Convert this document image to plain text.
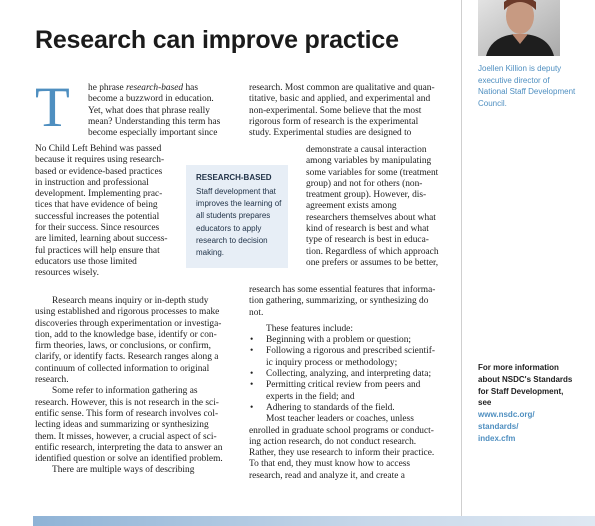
Research can improve practice
Joellen Killion is deputy executive director of National Staff Development Council.
For more information about NSDC's Standards for Staff Development, see
www.nsdc.org/
standards/
index.cfm
T he phrase research-based has
become a buzzword in education.
Yet, what does that phrase really
mean? Understanding this term has
become especially important since
No Child Left Behind was passed
because it requires using research-
based or evidence-based practices
in instruction and professional
development. Implementing prac-
tices that have evidence of being
successful increases the potential
for their success. Since resources
are limited, learning about success-
ful practices will help ensure that
educators use those limited
resources wisely.
Research means inquiry or in-depth study
using established and rigorous processes to make
discoveries through experimentation or investiga-
tion, add to the knowledge base, identify or con-
firm theories, laws, or conclusions, or confirm,
clarify, or identify facts. Research ranges along a
continuum of collected information to original
research.
Some refer to information gathering as
research. However, this is not research in the sci-
entific sense. This form of research involves col-
lecting ideas and summarizing or synthesizing
them. It misses, however, a crucial aspect of sci-
entific research, interpreting the data to answer an
identified question or solve an identified problem.
There are multiple ways of describing
RESEARCH-BASED
Staff development that improves the learning of all students prepares educators to apply research to decision making.
research. Most common are qualitative and quan-
titative, basic and applied, and experimental and
non-experimental. Some believe that the most
rigorous form of research is the experimental
study. Experimental studies are designed to
demonstrate a causal interaction
among variables by manipulating
some variables for some (treatment
group) and not for others (non-
treatment group). However, dis-
agreement exists among
researchers themselves about what
kind of research is best and what
type of research is best in educa-
tion. Regardless of which approach
one prefers or assumes to be better,
research has some essential features that informa-
tion gathering, summarizing, or synthesizing do
not.
These features include:
• Beginning with a problem or question;
• Following a rigorous and prescribed scientif-
ic inquiry process or methodology;
• Collecting, analyzing, and interpreting data;
• Permitting critical review from peers and
experts in the field; and
• Adhering to standards of the field.
Most teacher leaders or coaches, unless
enrolled in graduate school programs or conduct-
ing action research, do not conduct research.
Rather, they use research to inform their practice.
To that end, they must know how to access
research, read and analyze it, and create a
